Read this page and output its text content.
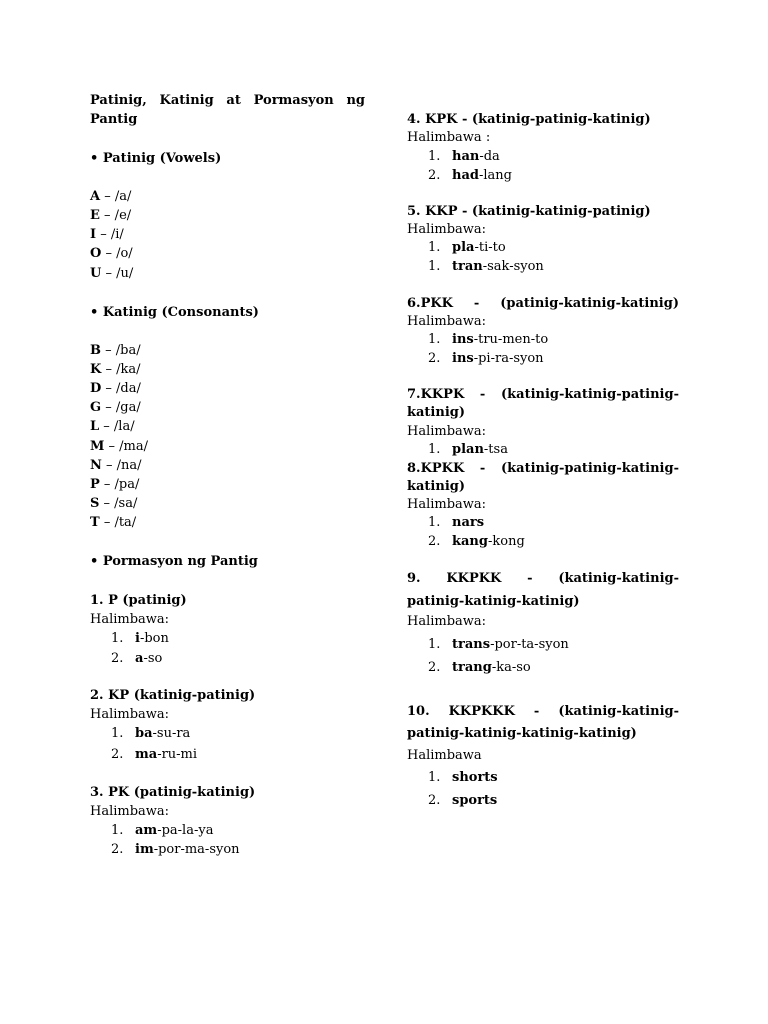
Patinig, Katinig at Pormasyon ng
Pantig
• Patinig (Vowels)
A – /a/
E – /e/
I – /i/
O – /o/
U – /u/
• Katinig (Consonants)
B – /ba/
K – /ka/
D – /da/
G – /ga/
L – /la/
M – /ma/
N – /na/
P – /pa/
S – /sa/
T – /ta/
• Pormasyon ng Pantig
1. P (patinig)
Halimbawa:
1. i-bon
2. a-so
2. KP (katinig-patinig)
Halimbawa:
1. ba-su-ra
2. ma-ru-mi
3. PK (patinig-katinig)
Halimbawa:
1. am-pa-la-ya
2. im-por-ma-syon
4. KPK - (katinig-patinig-katinig)
Halimbawa :
1. han-da
2. had-lang
5. KKP - (katinig-katinig-patinig)
Halimbawa:
1. pla-ti-to
1. tran-sak-syon
6.PKK - (patinig-katinig-katinig)
Halimbawa:
1. ins-tru-men-to
2. ins-pi-ra-syon
7.KKPK - (katinig-katinig-patinig-
katinig)
Halimbawa:
1. plan-tsa
8.KPKK - (katinig-patinig-katinig-
katinig)
Halimbawa:
1. nars
2. kang-kong
9. KKPKK - (katinig-katinig-
patinig-katinig-katinig)
Halimbawa:
1. trans-por-ta-syon
2. trang-ka-so
10. KKPKKK - (katinig-katinig-
patinig-katinig-katinig-katinig)
Halimbawa
1. shorts
2. sports
